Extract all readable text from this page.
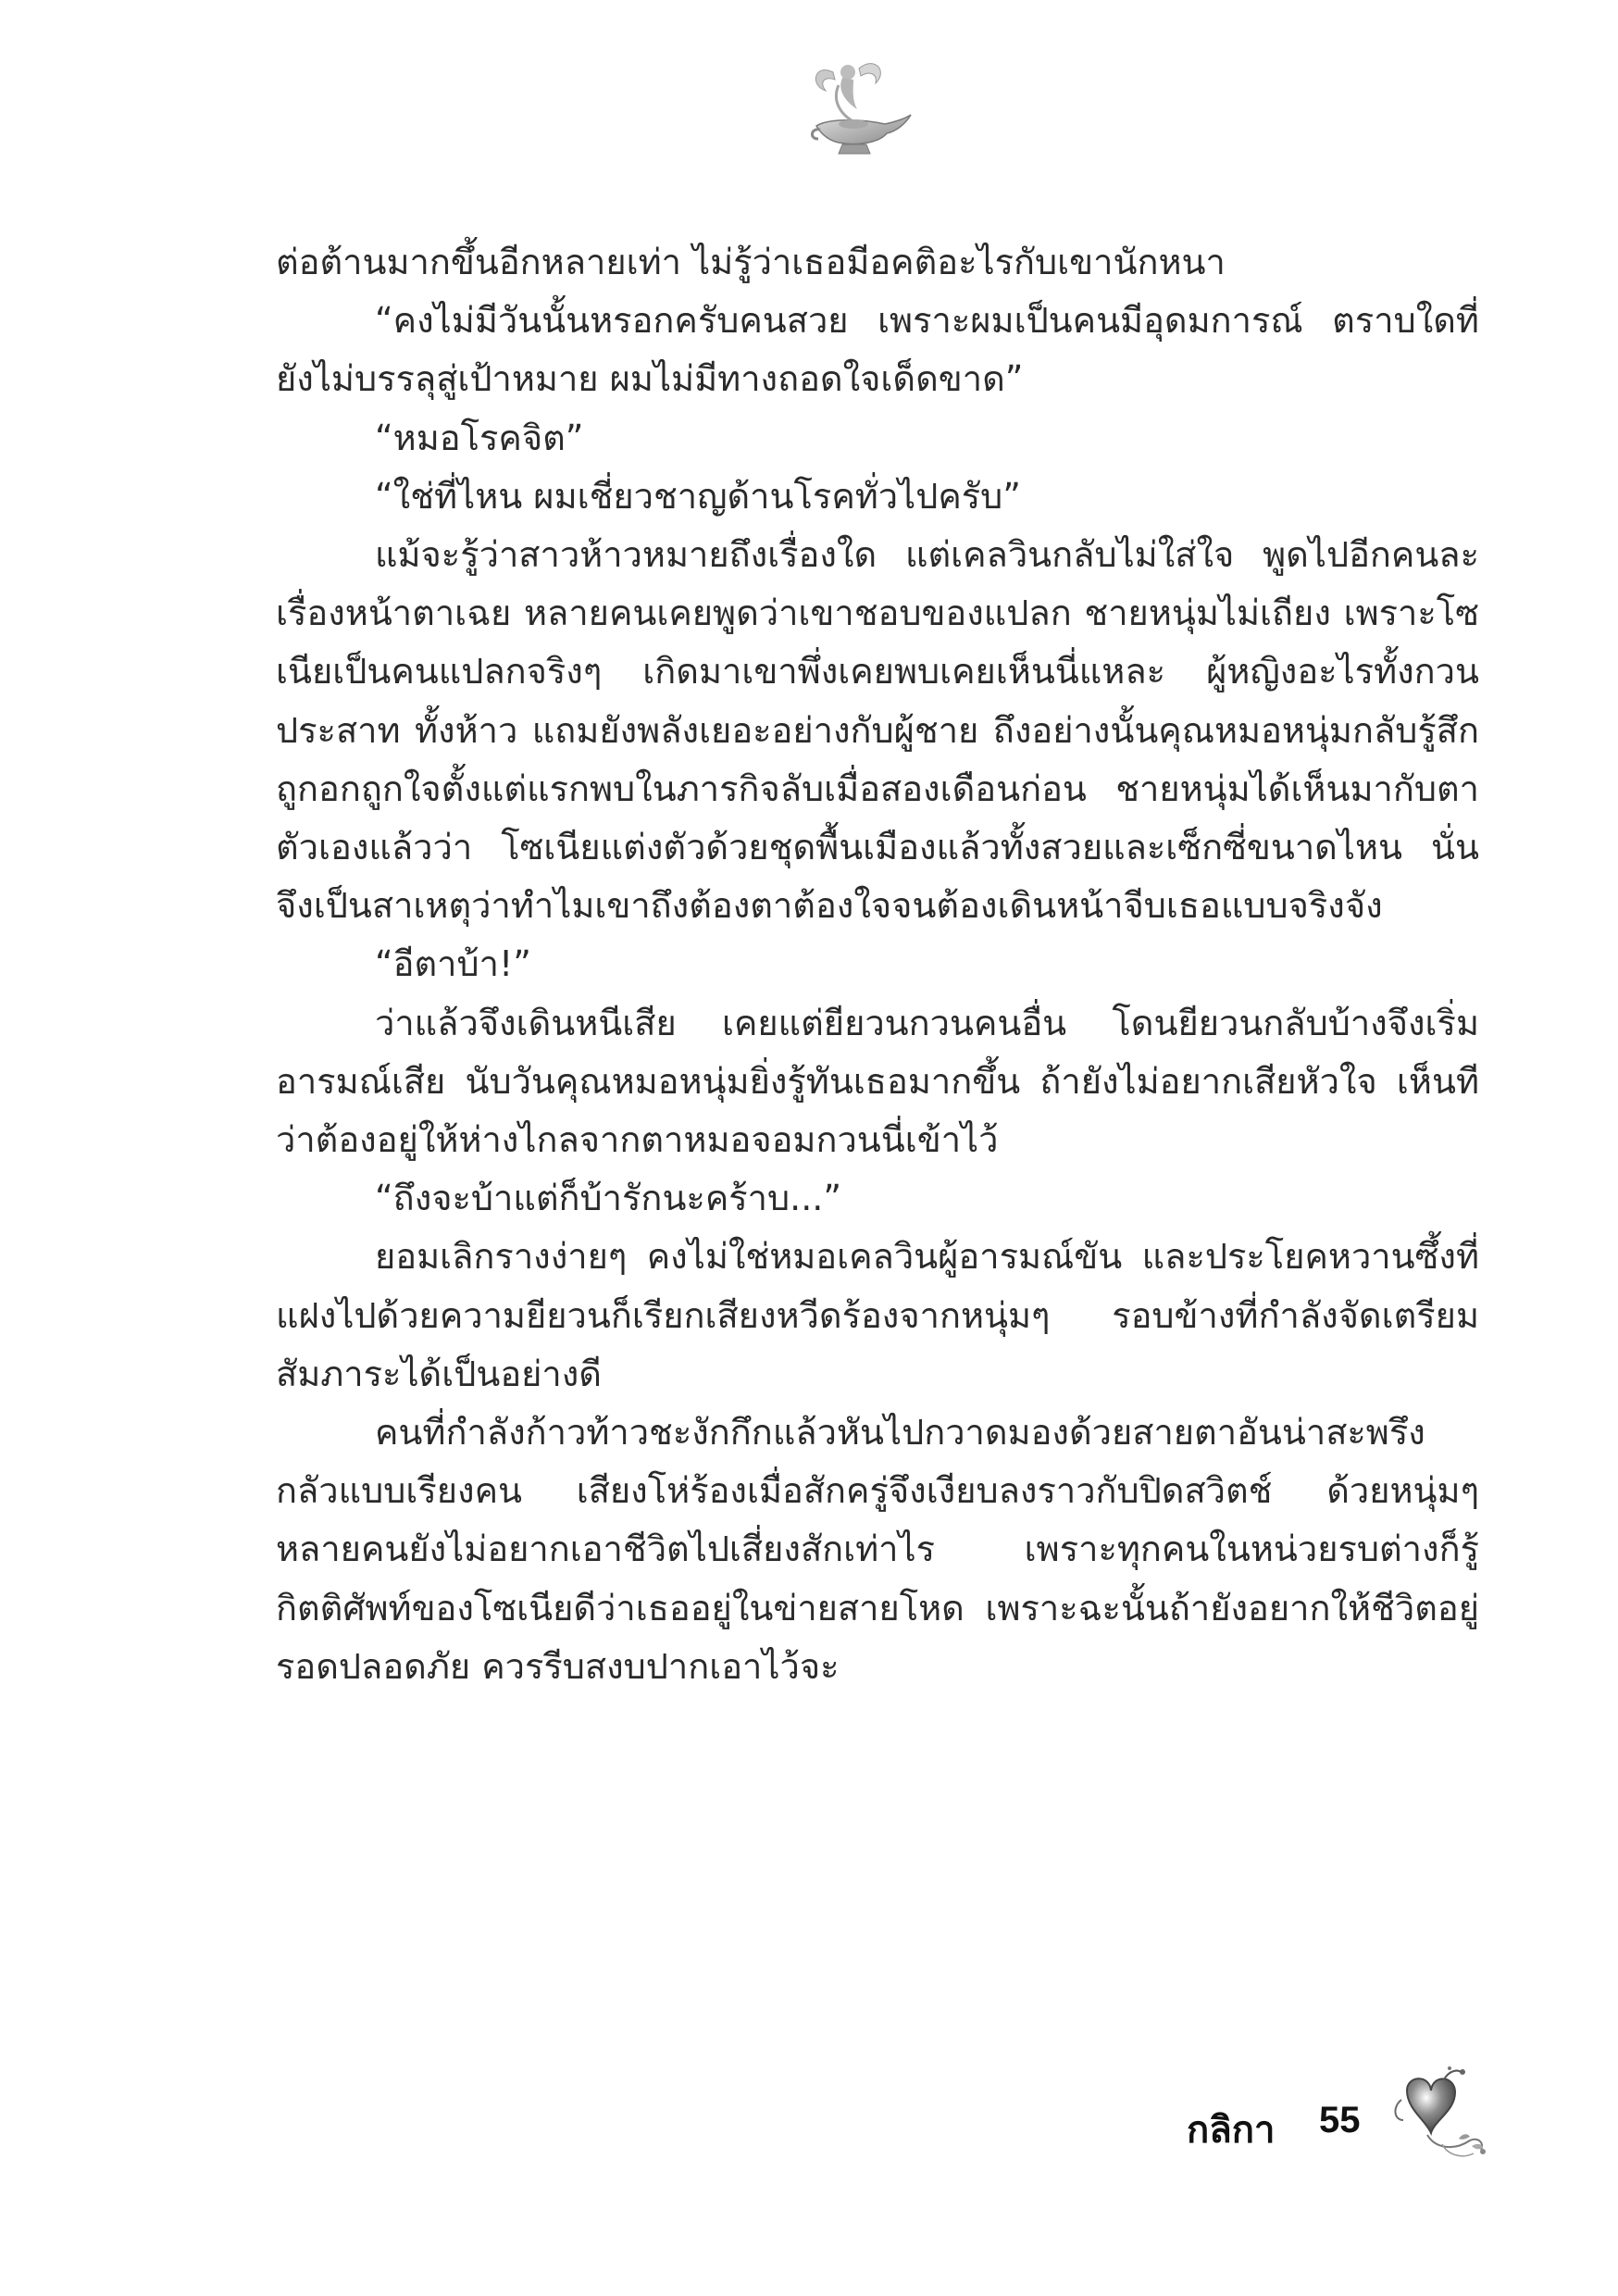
ต่อต้านมากขึ้นอีกหลายเท่า ไม่รู้ว่าเธอมีอคติอะไรกับเขานักหนา

“คงไม่มีวันนั้นหรอกครับคนสวย เพราะผมเป็นคนมีอุดมการณ์ ตราบใดที่ยังไม่บรรลุสู่เป้าหมาย ผมไม่มีทางถอดใจเด็ดขาด”

“หมอโรคจิต”

“ใช่ที่ไหน ผมเชี่ยวชาญด้านโรคทั่วไปครับ”

แม้จะรู้ว่าสาวห้าวหมายถึงเรื่องใด แต่เคลวินกลับไม่ใส่ใจ พูดไปอีกคนละเรื่องหน้าตาเฉย หลายคนเคยพูดว่าเขาชอบของแปลก ชายหนุ่มไม่เถียง เพราะโซเนียเป็นคนแปลกจริงๆ เกิดมาเขาพึ่งเคยพบเคยเห็นนี่แหละ ผู้หญิงอะไรทั้งกวนประสาท ทั้งห้าว แถมยังพลังเยอะอย่างกับผู้ชาย ถึงอย่างนั้นคุณหมอหนุ่มกลับรู้สึกถูกอกถูกใจตั้งแต่แรกพบในภารกิจลับเมื่อสองเดือนก่อน ชายหนุ่มได้เห็นมากับตาตัวเองแล้วว่า โซเนียแต่งตัวด้วยชุดพื้นเมืองแล้วทั้งสวยและเซ็กซี่ขนาดไหน นั่นจึงเป็นสาเหตุว่าทำไมเขาถึงต้องตาต้องใจจนต้องเดินหน้าจีบเธอแบบจริงจัง

“อีตาบ้า!”

ว่าแล้วจึงเดินหนีเสีย เคยแต่ยียวนกวนคนอื่น โดนยียวนกลับบ้างจึงเริ่มอารมณ์เสีย นับวันคุณหมอหนุ่มยิ่งรู้ทันเธอมากขึ้น ถ้ายังไม่อยากเสียหัวใจ เห็นทีว่าต้องอยู่ให้ห่างไกลจากตาหมอจอมกวนนี่เข้าไว้

“ถึงจะบ้าแต่ก็บ้ารักนะคร้าบ...”

ยอมเลิกรางง่ายๆ คงไม่ใช่หมอเคลวินผู้อารมณ์ขัน และประโยคหวานซึ้งที่แฝงไปด้วยความยียวนก็เรียกเสียงหวีดร้องจากหนุ่มๆ รอบข้างที่กำลังจัดเตรียมสัมภาระได้เป็นอย่างดี

คนที่กำลังก้าวท้าวชะงักกึกแล้วหันไปกวาดมองด้วยสายตาอันน่าสะพรึงกลัวแบบเรียงคน เสียงโห่ร้องเมื่อสักครู่จึงเงียบลงราวกับปิดสวิตช์ ด้วยหนุ่มๆ หลายคนยังไม่อยากเอาชีวิตไปเสี่ยงสักเท่าไร เพราะทุกคนในหน่วยรบต่างก็รู้กิตติศัพท์ของโซเนียดีว่าเธออยู่ในข่ายสายโหด เพราะฉะนั้นถ้ายังอยากให้ชีวิตอยู่รอดปลอดภัย ควรรีบสงบปากเอาไว้จะ

กลิกา 55
